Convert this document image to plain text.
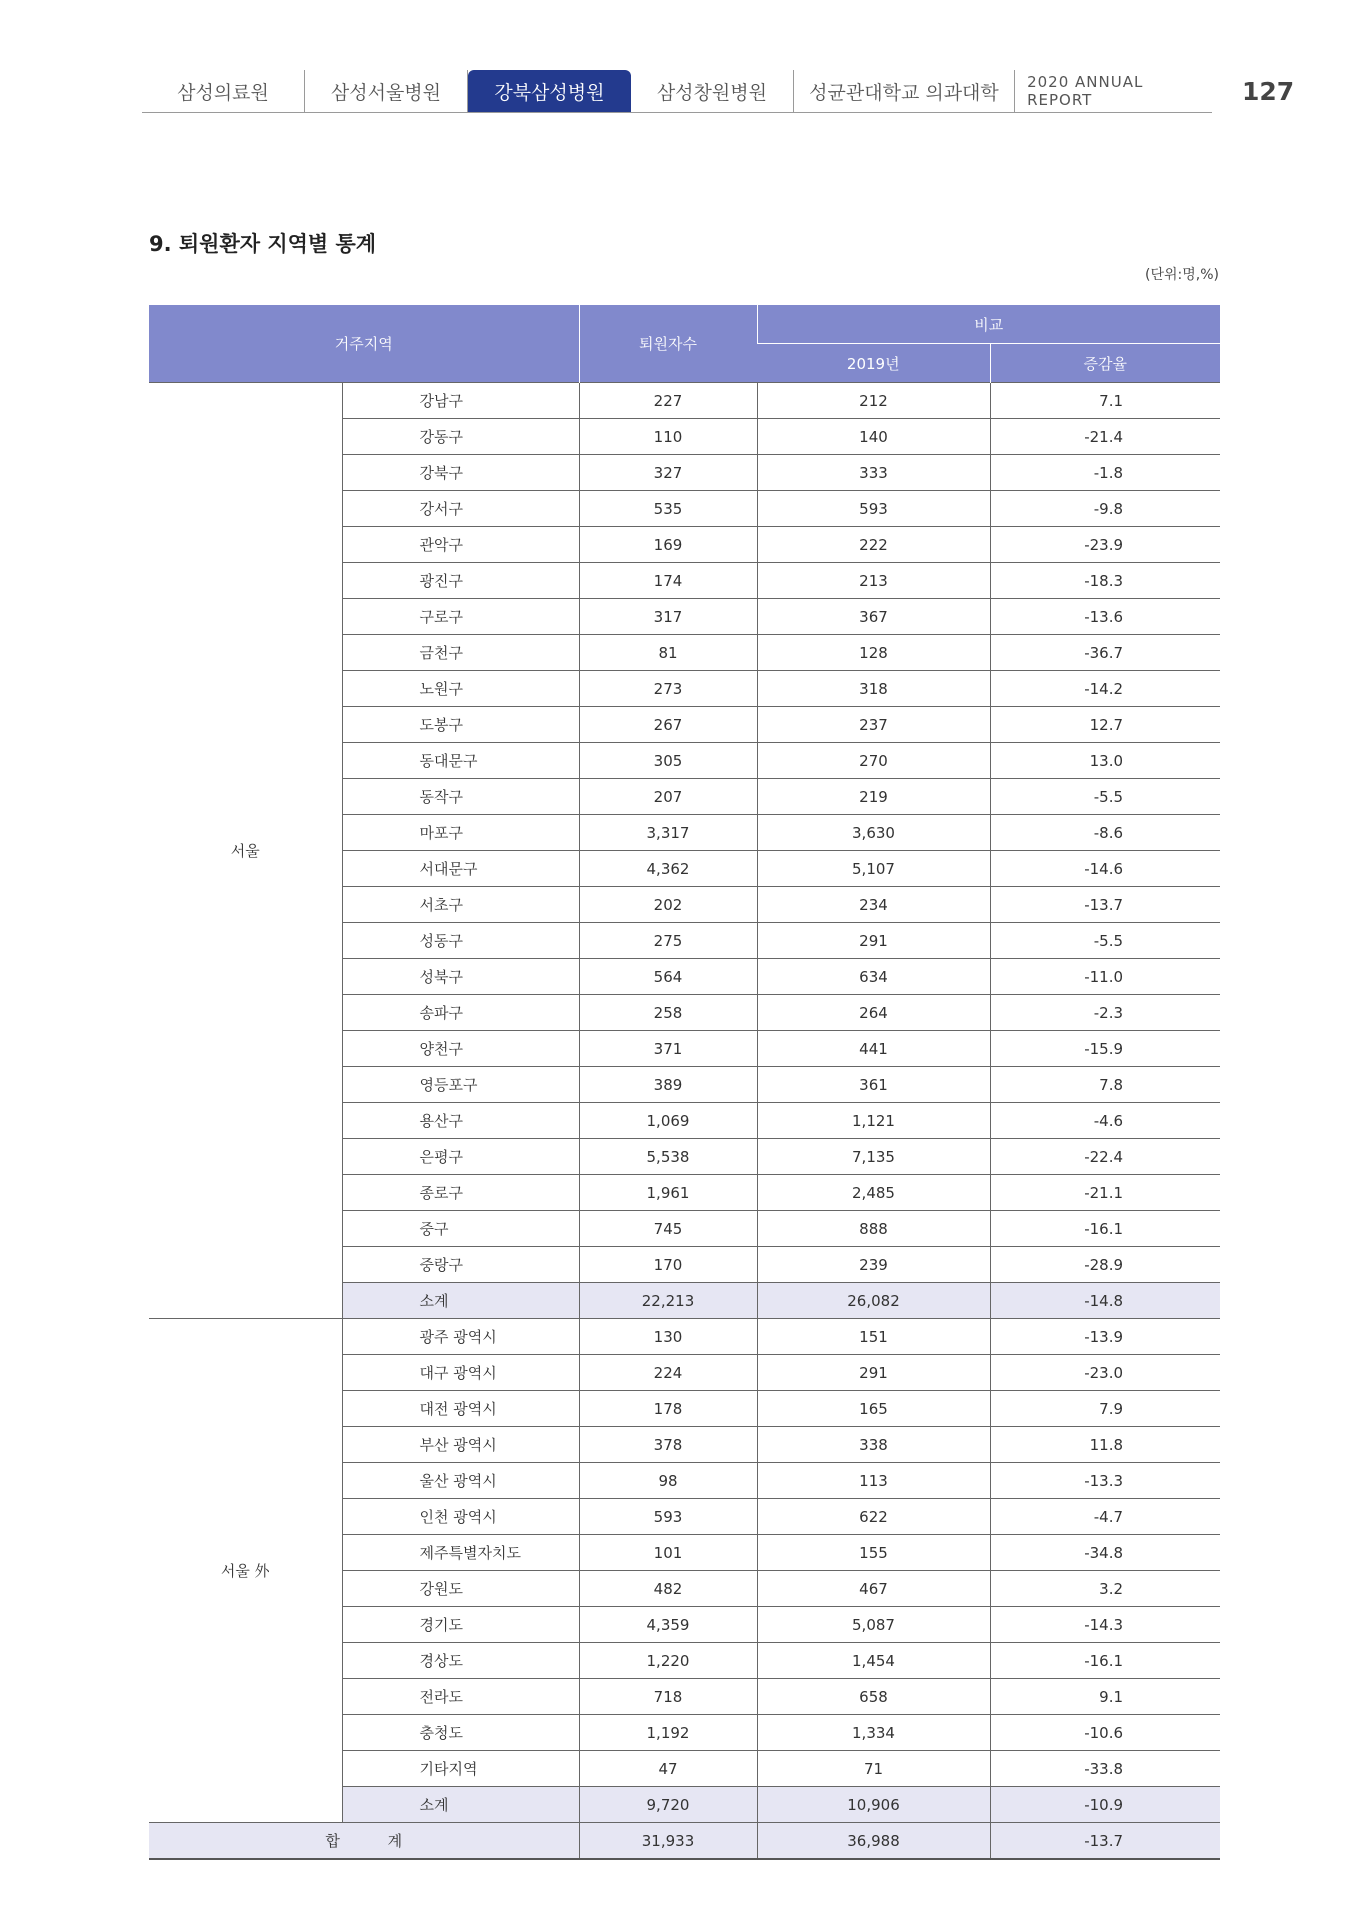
삼성의료원	삼성서울병원	강북삼성병원	삼성창원병원	성균관대학교 의과대학	2020 ANNUAL REPORT	127
9. 퇴원환자 지역별 통계
(단위:명,%)
거주지역		퇴원자수	비교	
			2019년	증감율
서울	강남구	227	212	7.1
	강동구	110	140	-21.4
	강북구	327	333	-1.8
	강서구	535	593	-9.8
	관악구	169	222	-23.9
	광진구	174	213	-18.3
	구로구	317	367	-13.6
	금천구	81	128	-36.7
	노원구	273	318	-14.2
	도봉구	267	237	12.7
	동대문구	305	270	13.0
	동작구	207	219	-5.5
	마포구	3,317	3,630	-8.6
	서대문구	4,362	5,107	-14.6
	서초구	202	234	-13.7
	성동구	275	291	-5.5
	성북구	564	634	-11.0
	송파구	258	264	-2.3
	양천구	371	441	-15.9
	영등포구	389	361	7.8
	용산구	1,069	1,121	-4.6
	은평구	5,538	7,135	-22.4
	종로구	1,961	2,485	-21.1
	중구	745	888	-16.1
	중랑구	170	239	-28.9
	소계	22,213	26,082	-14.8
서울 外	광주 광역시	130	151	-13.9
	대구 광역시	224	291	-23.0
	대전 광역시	178	165	7.9
	부산 광역시	378	338	11.8
	울산 광역시	98	113	-13.3
	인천 광역시	593	622	-4.7
	제주특별자치도	101	155	-34.8
	강원도	482	467	3.2
	경기도	4,359	5,087	-14.3
	경상도	1,220	1,454	-16.1
	전라도	718	658	9.1
	충청도	1,192	1,334	-10.6
	기타지역	47	71	-33.8
	소계	9,720	10,906	-10.9
합          계		31,933	36,988	-13.7
